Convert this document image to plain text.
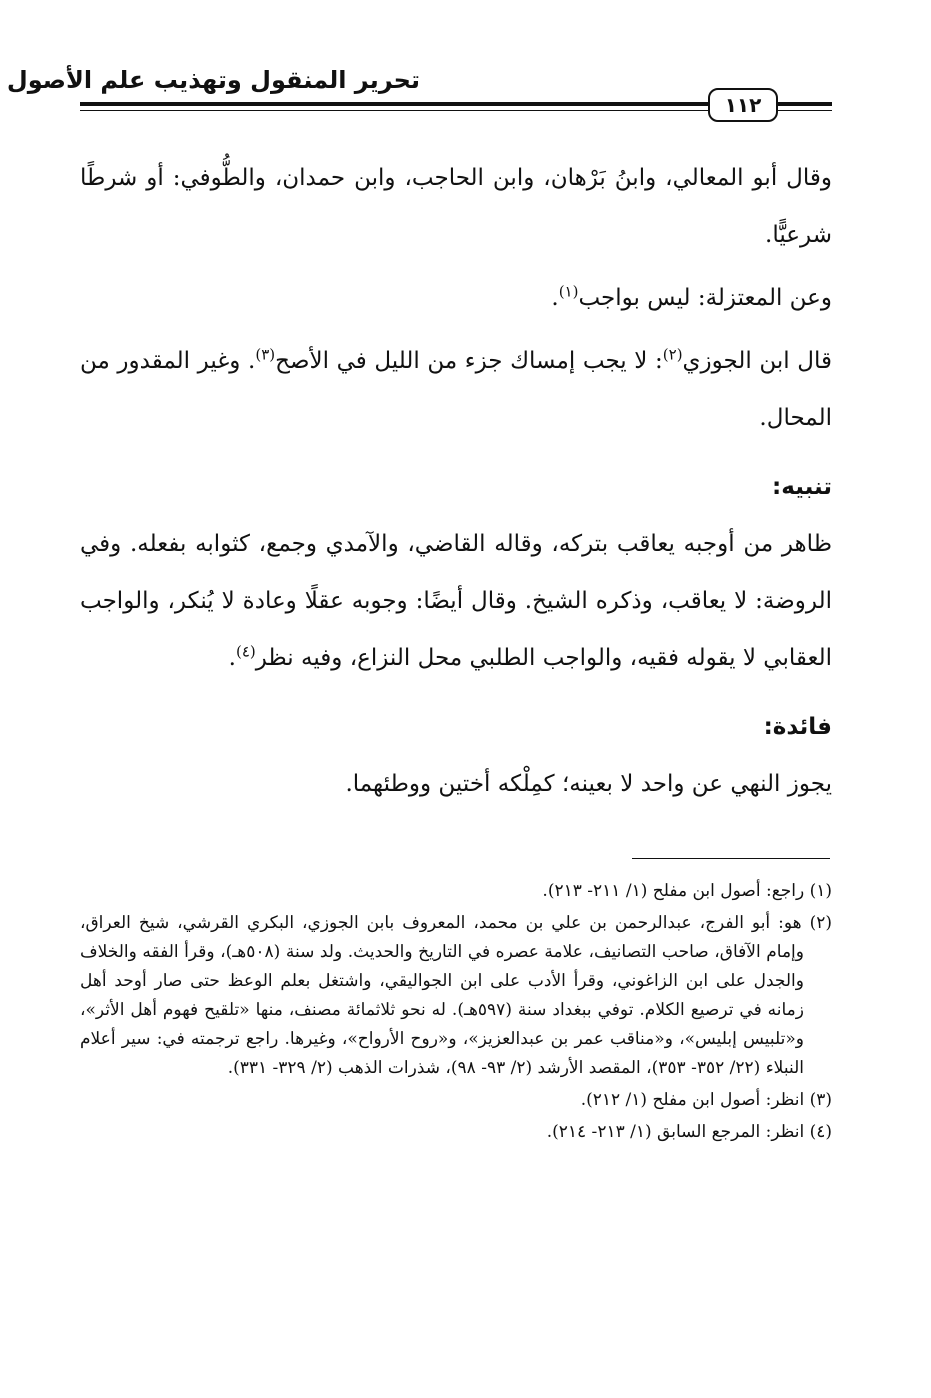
تحرير المنقول وتهذيب علم الأصول
١١٢

وقال أبو المعالي، وابنُ بَرْهان، وابن الحاجب، وابن حمدان، والطُّوفي: أو شرطًا شرعيًّا.

وعن المعتزلة: ليس بواجب$^{(١)}$.

قال ابن الجوزي$^{(٢)}$: لا يجب إمساك جزء من الليل في الأصح$^{(٣)}$. وغير المقدور من المحال.

تنبيه:

ظاهر من أوجبه يعاقب بتركه، وقاله القاضي، والآمدي وجمع، كثوابه بفعله. وفي الروضة: لا يعاقب، وذكره الشيخ. وقال أيضًا: وجوبه عقلًا وعادة لا يُنكر، والواجب العقابي لا يقوله فقيه، والواجب الطلبي محل النزاع، وفيه نظر$^{(٤)}$.

فائدة:

يجوز النهي عن واحد لا بعينه؛ كمِلْكه أختين ووطئهما.

(١) راجع: أصول ابن مفلح (١/ ٢١١- ٢١٣).

(٢) هو: أبو الفرج، عبدالرحمن بن علي بن محمد، المعروف بابن الجوزي، البكري القرشي، شيخ العراق، وإمام الآفاق، صاحب التصانيف، علامة عصره في التاريخ والحديث. ولد سنة (٥٠٨هـ)، وقرأ الفقه والخلاف والجدل على ابن الزاغوني، وقرأ الأدب على ابن الجواليقي، واشتغل بعلم الوعظ حتى صار أوحد أهل زمانه في ترصيع الكلام. توفي ببغداد سنة (٥٩٧هـ). له نحو ثلاثمائة مصنف، منها «تلقيح فهوم أهل الأثر»، و«تلبيس إبليس»، و«مناقب عمر بن عبدالعزيز»، و«روح الأرواح»، وغيرها. راجع ترجمته في: سير أعلام النبلاء (٢٢/ ٣٥٢- ٣٥٣)، المقصد الأرشد (٢/ ٩٣- ٩٨)، شذرات الذهب (٢/ ٣٢٩- ٣٣١).

(٣) انظر: أصول ابن مفلح (١/ ٢١٢).

(٤) انظر: المرجع السابق (١/ ٢١٣- ٢١٤).
